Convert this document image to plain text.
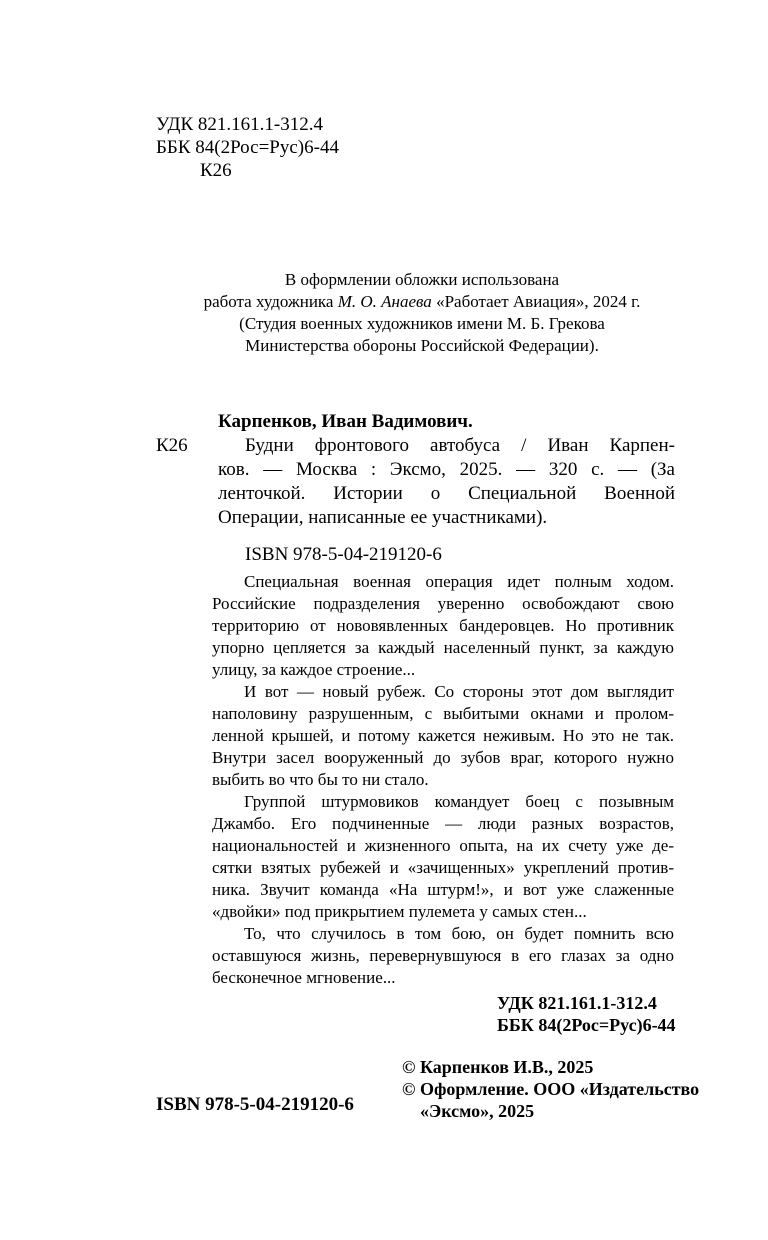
УДК 821.161.1-312.4
ББК 84(2Рос=Рус)6-44
К26
В оформлении обложки использована
работа художника М. О. Анаева «Работает Авиация», 2024 г.
(Студия военных художников имени М. Б. Грекова
Министерства обороны Российской Федерации).
Карпенков, Иван Вадимович.
К26	Будни фронтового автобуса / Иван Карпен-
ков. — Москва : Эксмо, 2025. — 320 с. — (За
ленточкой. Истории о Специальной Военной
Операции, написанные ее участниками).
ISBN 978-5-04-219120-6
Специальная военная операция идет полным ходом.
Российские подразделения уверенно освобождают свою
территорию от нововявленных бандеровцев. Но противник
упорно цепляется за каждый населенный пункт, за каждую
улицу, за каждое строение...
И вот — новый рубеж. Со стороны этот дом выглядит
наполовину разрушенным, с выбитыми окнами и пролом-
ленной крышей, и потому кажется неживым. Но это не так.
Внутри засел вооруженный до зубов враг, которого нужно
выбить во что бы то ни стало.
Группой штурмовиков командует боец с позывным
Джамбо. Его подчиненные — люди разных возрастов,
национальностей и жизненного опыта, на их счету уже де-
сятки взятых рубежей и «зачищенных» укреплений против-
ника. Звучит команда «На штурм!», и вот уже слаженные
«двойки» под прикрытием пулемета у самых стен...
То, что случилось в том бою, он будет помнить всю
оставшуюся жизнь, перевернувшуюся в его глазах за одно
бесконечное мгновение...
УДК 821.161.1-312.4
ББК 84(2Рос=Рус)6-44
© Карпенков И.В., 2025
© Оформление. ООО «Издательство
«Эксмо», 2025
ISBN 978-5-04-219120-6
